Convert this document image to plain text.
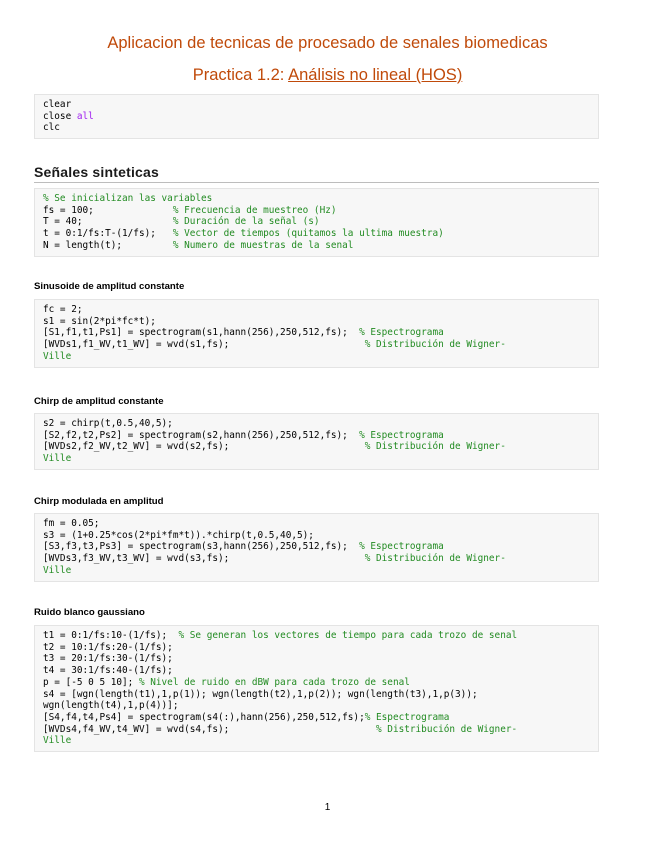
Aplicacion de tecnicas de procesado de senales biomedicas
Practica 1.2: Análisis no lineal (HOS)
clear
close all
clc
Señales sinteticas
% Se inicializan las variables
fs = 100;              % Frecuencia de muestreo (Hz)
T = 40;                % Duración de la señal (s)
t = 0:1/fs:T-(1/fs);   % Vector de tiempos (quitamos la ultima muestra)
N = length(t);         % Numero de muestras de la senal
Sinusoide de amplitud constante
fc = 2;
s1 = sin(2*pi*fc*t);
[S1,f1,t1,Ps1] = spectrogram(s1,hann(256),250,512,fs);  % Espectrograma
[WVDs1,f1_WV,t1_WV] = wvd(s1,fs);                        % Distribución de Wigner-
Ville
Chirp de amplitud constante
s2 = chirp(t,0.5,40,5);
[S2,f2,t2,Ps2] = spectrogram(s2,hann(256),250,512,fs);  % Espectrograma
[WVDs2,f2_WV,t2_WV] = wvd(s2,fs);                        % Distribución de Wigner-
Ville
Chirp modulada en amplitud
fm = 0.05;
s3 = (1+0.25*cos(2*pi*fm*t)).*chirp(t,0.5,40,5);
[S3,f3,t3,Ps3] = spectrogram(s3,hann(256),250,512,fs);  % Espectrograma
[WVDs3,f3_WV,t3_WV] = wvd(s3,fs);                        % Distribución de Wigner-
Ville
Ruido blanco gaussiano
t1 = 0:1/fs:10-(1/fs);  % Se generan los vectores de tiempo para cada trozo de senal
t2 = 10:1/fs:20-(1/fs);
t3 = 20:1/fs:30-(1/fs);
t4 = 30:1/fs:40-(1/fs);
p = [-5 0 5 10]; % Nivel de ruido en dBW para cada trozo de senal
s4 = [wgn(length(t1),1,p(1)); wgn(length(t2),1,p(2)); wgn(length(t3),1,p(3));
wgn(length(t4),1,p(4))];
[S4,f4,t4,Ps4] = spectrogram(s4(:),hann(256),250,512,fs);% Espectrograma
[WVDs4,f4_WV,t4_WV] = wvd(s4,fs);                          % Distribución de Wigner-
Ville
1
